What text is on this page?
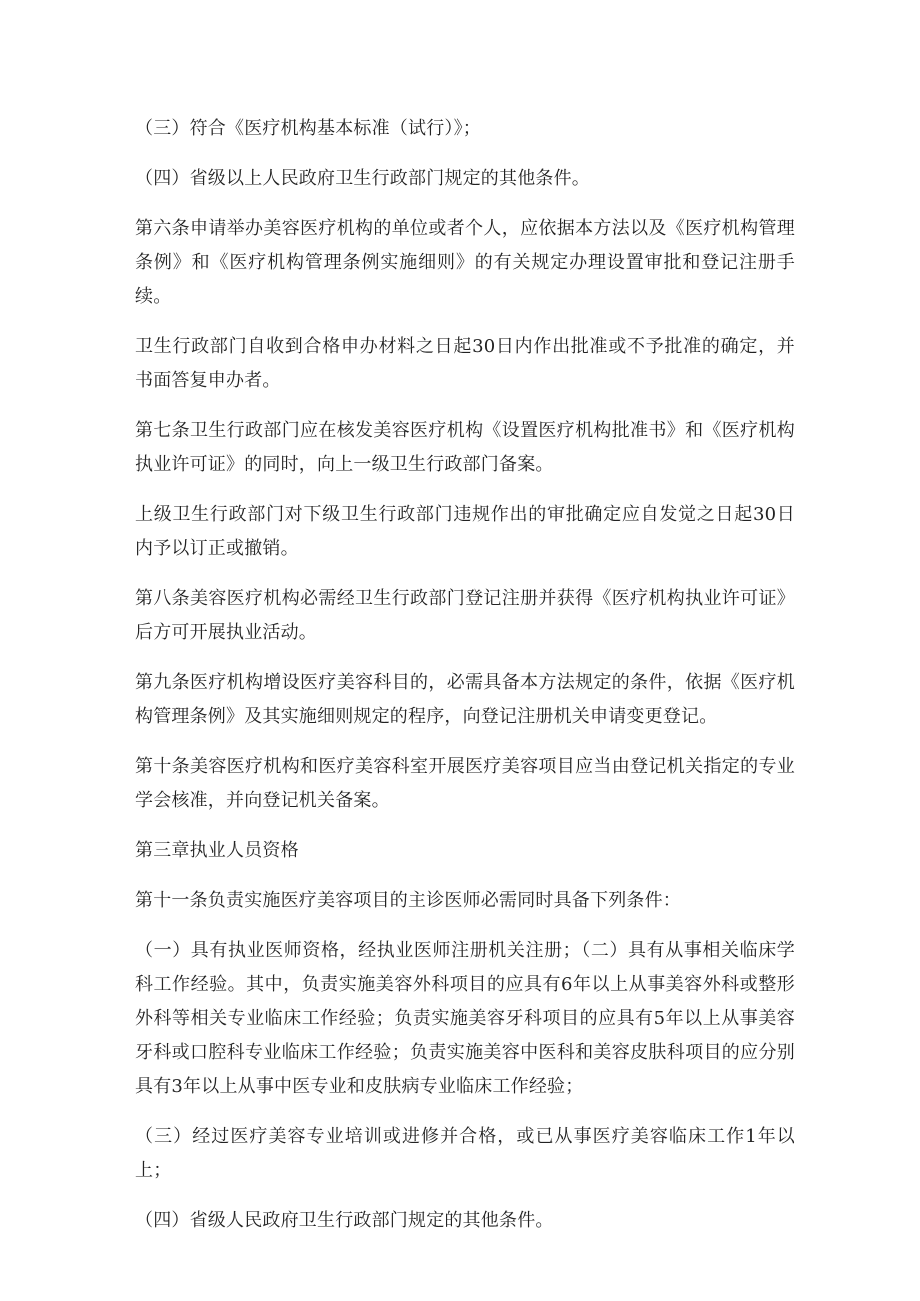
（三）符合《医疗机构基本标准（试行）》；

（四）省级以上人民政府卫生行政部门规定的其他条件。

第六条申请举办美容医疗机构的单位或者个人，应依据本方法以及《医疗机构管理条例》和《医疗机构管理条例实施细则》的有关规定办理设置审批和登记注册手续。

卫生行政部门自收到合格申办材料之日起30日内作出批准或不予批准的确定，并书面答复申办者。

第七条卫生行政部门应在核发美容医疗机构《设置医疗机构批准书》和《医疗机构执业许可证》的同时，向上一级卫生行政部门备案。

上级卫生行政部门对下级卫生行政部门违规作出的审批确定应自发觉之日起30日内予以订正或撤销。

第八条美容医疗机构必需经卫生行政部门登记注册并获得《医疗机构执业许可证》后方可开展执业活动。

第九条医疗机构增设医疗美容科目的，必需具备本方法规定的条件，依据《医疗机构管理条例》及其实施细则规定的程序，向登记注册机关申请变更登记。

第十条美容医疗机构和医疗美容科室开展医疗美容项目应当由登记机关指定的专业学会核准，并向登记机关备案。

第三章执业人员资格

第十一条负责实施医疗美容项目的主诊医师必需同时具备下列条件：

（一）具有执业医师资格，经执业医师注册机关注册；（二）具有从事相关临床学科工作经验。其中，负责实施美容外科项目的应具有6年以上从事美容外科或整形外科等相关专业临床工作经验；负责实施美容牙科项目的应具有5年以上从事美容牙科或口腔科专业临床工作经验；负责实施美容中医科和美容皮肤科项目的应分别具有3年以上从事中医专业和皮肤病专业临床工作经验；

（三）经过医疗美容专业培训或进修并合格，或已从事医疗美容临床工作1年以上；

（四）省级人民政府卫生行政部门规定的其他条件。
